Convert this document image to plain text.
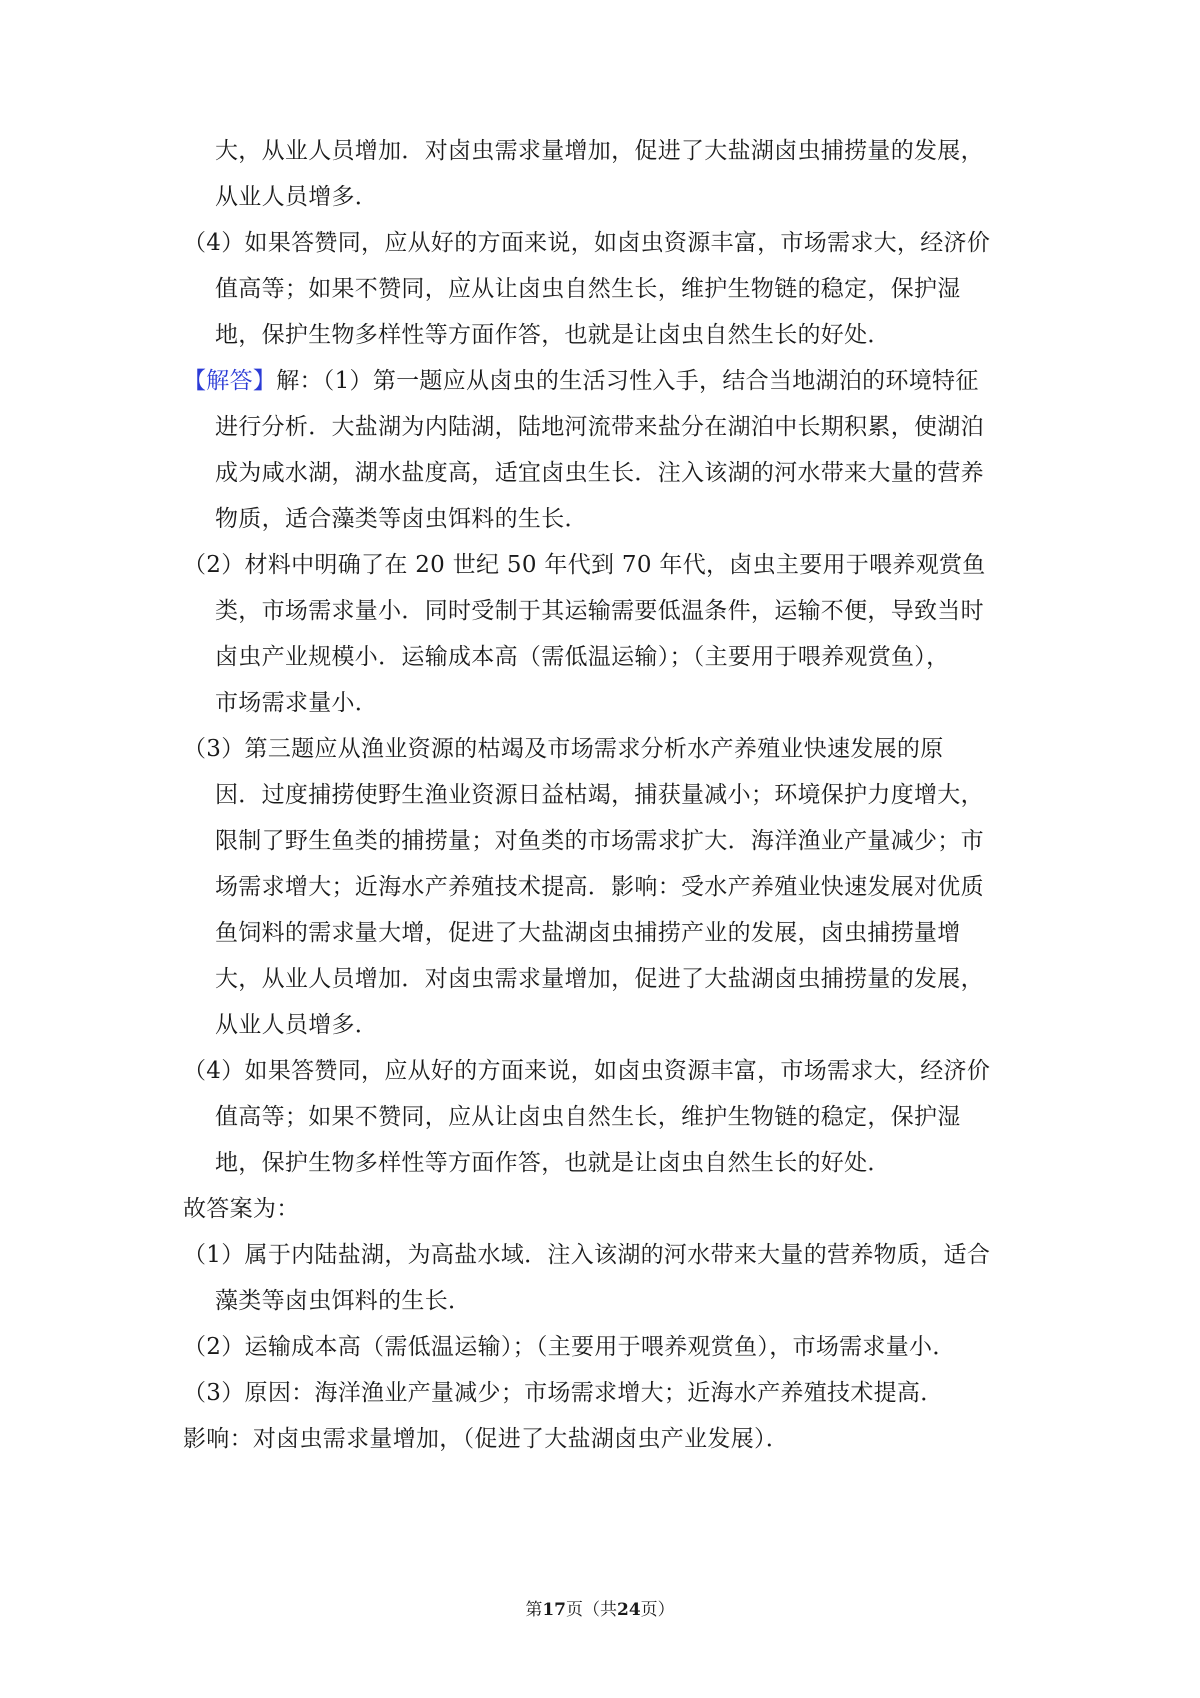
大，从业人员增加．对卤虫需求量增加，促进了大盐湖卤虫捕捞量的发展，
从业人员增多．
（4）如果答赞同，应从好的方面来说，如卤虫资源丰富，市场需求大，经济价
值高等；如果不赞同，应从让卤虫自然生长，维护生物链的稳定，保护湿
地，保护生物多样性等方面作答，也就是让卤虫自然生长的好处．
【解答】解：（1）第一题应从卤虫的生活习性入手，结合当地湖泊的环境特征
进行分析．大盐湖为内陆湖，陆地河流带来盐分在湖泊中长期积累，使湖泊
成为咸水湖，湖水盐度高，适宜卤虫生长．注入该湖的河水带来大量的营养
物质，适合藻类等卤虫饵料的生长．
（2）材料中明确了在 20 世纪 50 年代到 70 年代，卤虫主要用于喂养观赏鱼
类，市场需求量小．同时受制于其运输需要低温条件，运输不便，导致当时
卤虫产业规模小．运输成本高（需低温运输）；（主要用于喂养观赏鱼），
市场需求量小．
（3）第三题应从渔业资源的枯竭及市场需求分析水产养殖业快速发展的原
因．过度捕捞使野生渔业资源日益枯竭，捕获量减小；环境保护力度增大，
限制了野生鱼类的捕捞量；对鱼类的市场需求扩大．海洋渔业产量减少；市
场需求增大；近海水产养殖技术提高．影响：受水产养殖业快速发展对优质
鱼饲料的需求量大增，促进了大盐湖卤虫捕捞产业的发展，卤虫捕捞量增
大，从业人员增加．对卤虫需求量增加，促进了大盐湖卤虫捕捞量的发展，
从业人员增多．
（4）如果答赞同，应从好的方面来说，如卤虫资源丰富，市场需求大，经济价
值高等；如果不赞同，应从让卤虫自然生长，维护生物链的稳定，保护湿
地，保护生物多样性等方面作答，也就是让卤虫自然生长的好处．
故答案为：
（1）属于内陆盐湖，为高盐水域．注入该湖的河水带来大量的营养物质，适合
藻类等卤虫饵料的生长．
（2）运输成本高（需低温运输）；（主要用于喂养观赏鱼），市场需求量小．
（3）原因：海洋渔业产量减少；市场需求增大；近海水产养殖技术提高．
影响：对卤虫需求量增加，（促进了大盐湖卤虫产业发展）．
第17页（共24页）
